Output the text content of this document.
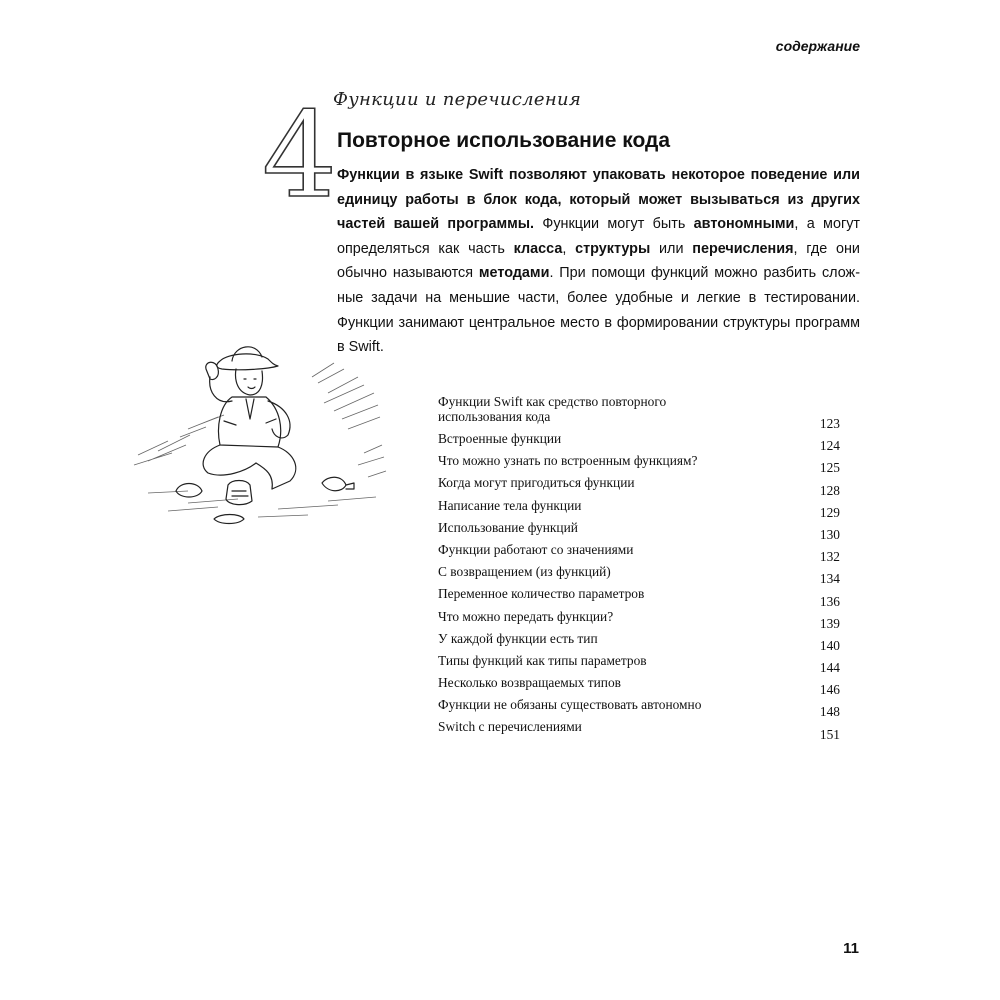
содержание
4
Функции и перечисления
Повторное использование кода

Функции в языке Swift позволяют упаковать некоторое поведение или единицу работы в блок кода, который может вызываться из других частей вашей программы. Функции могут быть автономными, а могут определяться как часть класса, структуры или перечисления, где они обычно называются методами. При помощи функций можно разбить сложные задачи на меньшие части, более удобные и легкие в тестировании. Функции занимают центральное место в формировании структуры программ в Swift.

Функции Swift как средство повторного использования кода	123
Встроенные функции	124
Что можно узнать по встроенным функциям?	125
Когда могут пригодиться функции	128
Написание тела функции	129
Использование функций	130
Функции работают со значениями	132
С возвращением (из функций)	134
Переменное количество параметров	136
Что можно передать функции?	139
У каждой функции есть тип	140
Типы функций как типы параметров	144
Несколько возвращаемых типов	146
Функции не обязаны существовать автономно	148
Switch с перечислениями	151
11
